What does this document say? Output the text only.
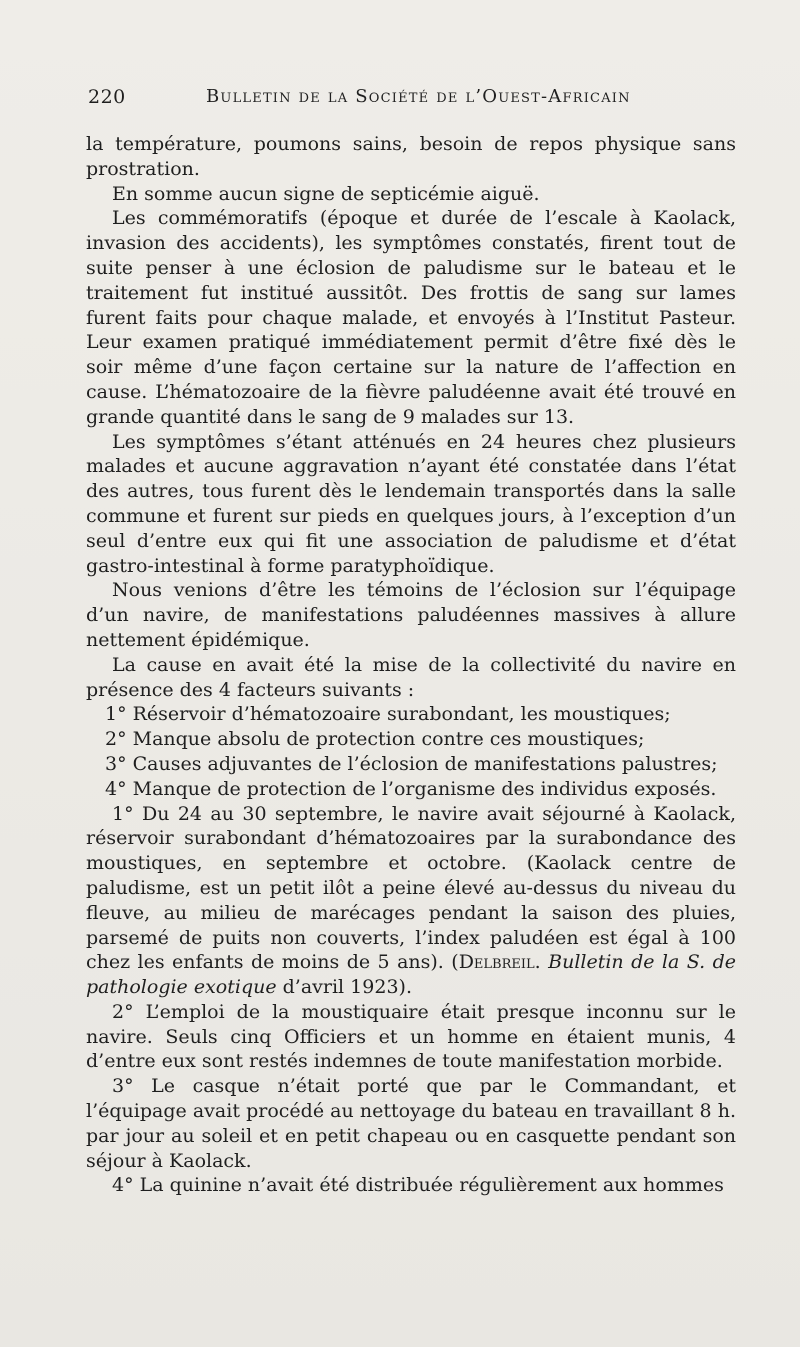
220	Bulletin de la Société de l’Ouest-Africain

la température, poumons sains, besoin de repos physique sans prostration.

En somme aucun signe de septicémie aiguë.

Les commémoratifs (époque et durée de l’escale à Kaolack, invasion des accidents), les symptômes constatés, firent tout de suite penser à une éclosion de paludisme sur le bateau et le traitement fut institué aussitôt. Des frottis de sang sur lames furent faits pour chaque malade, et envoyés à l’Institut Pasteur. Leur examen pratiqué immédiatement permit d’être fixé dès le soir même d’une façon certaine sur la nature de l’affection en cause. L’hématozoaire de la fièvre paludéenne avait été trouvé en grande quantité dans le sang de 9 malades sur 13.

Les symptômes s’étant atténués en 24 heures chez plusieurs malades et aucune aggravation n’ayant été constatée dans l’état des autres, tous furent dès le lendemain transportés dans la salle commune et furent sur pieds en quelques jours, à l’exception d’un seul d’entre eux qui fit une association de paludisme et d’état gastro-intestinal à forme paratyphoïdique.

Nous venions d’être les témoins de l’éclosion sur l’équipage d’un navire, de manifestations paludéennes massives à allure nettement épidémique.

La cause en avait été la mise de la collectivité du navire en présence des 4 facteurs suivants :

1° Réservoir d’hématozoaire surabondant, les moustiques;

2° Manque absolu de protection contre ces moustiques;

3° Causes adjuvantes de l’éclosion de manifestations palustres;

4° Manque de protection de l’organisme des individus exposés.

1° Du 24 au 30 septembre, le navire avait séjourné à Kaolack, réservoir surabondant d’hématozoaires par la surabondance des moustiques, en septembre et octobre. (Kaolack centre de paludisme, est un petit ilôt a peine élevé au-dessus du niveau du fleuve, au milieu de marécages pendant la saison des pluies, parsemé de puits non couverts, l’index paludéen est égal à 100 chez les enfants de moins de 5 ans). (Delbreil. Bulletin de la S. de pathologie exotique d’avril 1923).

2° L’emploi de la moustiquaire était presque inconnu sur le navire. Seuls cinq Officiers et un homme en étaient munis, 4 d’entre eux sont restés indemnes de toute manifestation morbide.

3° Le casque n’était porté que par le Commandant, et l’équipage avait procédé au nettoyage du bateau en travaillant 8 h. par jour au soleil et en petit chapeau ou en casquette pendant son séjour à Kaolack.

4° La quinine n’avait été distribuée régulièrement aux hommes
